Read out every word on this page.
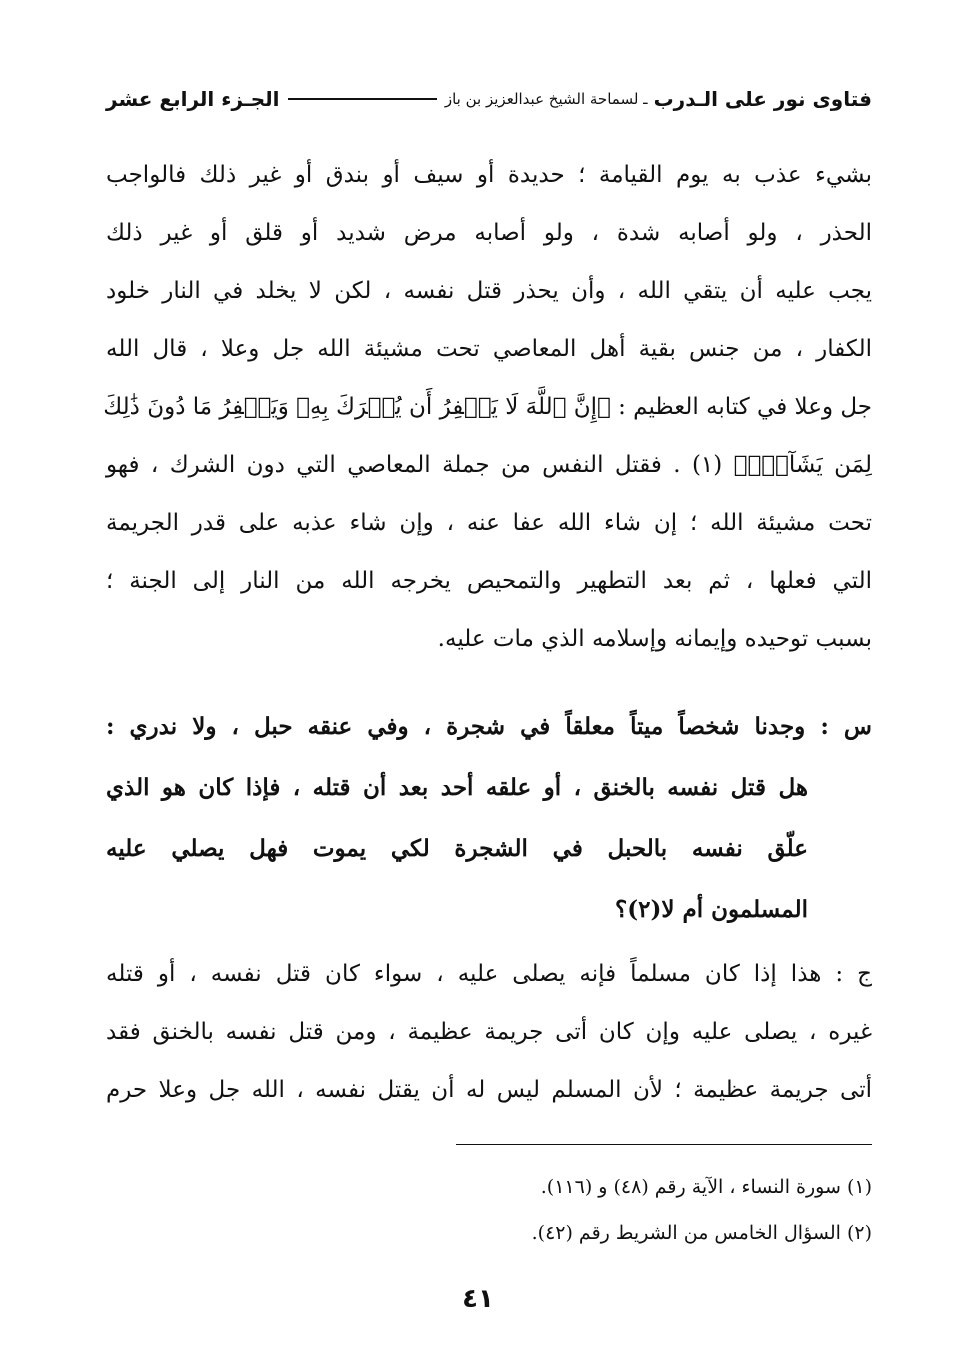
فتاوى نور على الـدرب
ـ لسماحة الشيخ عبدالعزيز بن باز
الجـزء الرابع عشر
بشيء عذب به يوم القيامة ؛ حديدة أو سيف أو بندق أو غير ذلك فالواجب
الحذر ، ولو أصابه شدة ، ولو أصابه مرض شديد أو قلق أو غير ذلك
يجب عليه أن يتقي الله ، وأن يحذر قتل نفسه ، لكن لا يخلد في النار خلود
الكفار ، من جنس بقية أهل المعاصي تحت مشيئة الله جل وعلا ، قال الله
جل وعلا في كتابه العظيم : ﴿إِنَّ ٱللَّهَ لَا يَغۡفِرُ أَن يُشۡرَكَ بِهِۦ وَيَغۡفِرُ مَا دُونَ ذَٰلِكَ
لِمَن يَشَآءُۚ﴾ (١) . فقتل النفس من جملة المعاصي التي دون الشرك ، فهو
تحت مشيئة الله ؛ إن شاء الله عفا عنه ، وإن شاء عذبه على قدر الجريمة
التي فعلها ، ثم بعد التطهير والتمحيص يخرجه الله من النار إلى الجنة ؛
بسبب توحيده وإيمانه وإسلامه الذي مات عليه.
س : وجدنا شخصاً ميتاً معلقاً في شجرة ، وفي عنقه حبل ، ولا ندري :
هل قتل نفسه بالخنق ، أو علقه أحد بعد أن قتله ، فإذا كان هو الذي
علّق نفسه بالحبل في الشجرة لكي يموت فهل يصلي عليه
المسلمون أم لا(٢)؟
ج : هذا إذا كان مسلماً فإنه يصلى عليه ، سواء كان قتل نفسه ، أو قتله
غيره ، يصلى عليه وإن كان أتى جريمة عظيمة ، ومن قتل نفسه بالخنق فقد
أتى جريمة عظيمة ؛ لأن المسلم ليس له أن يقتل نفسه ، الله جل وعلا حرم
(١) سورة النساء ، الآية رقم (٤٨) و (١١٦).
(٢) السؤال الخامس من الشريط رقم (٤٢).
٤١
